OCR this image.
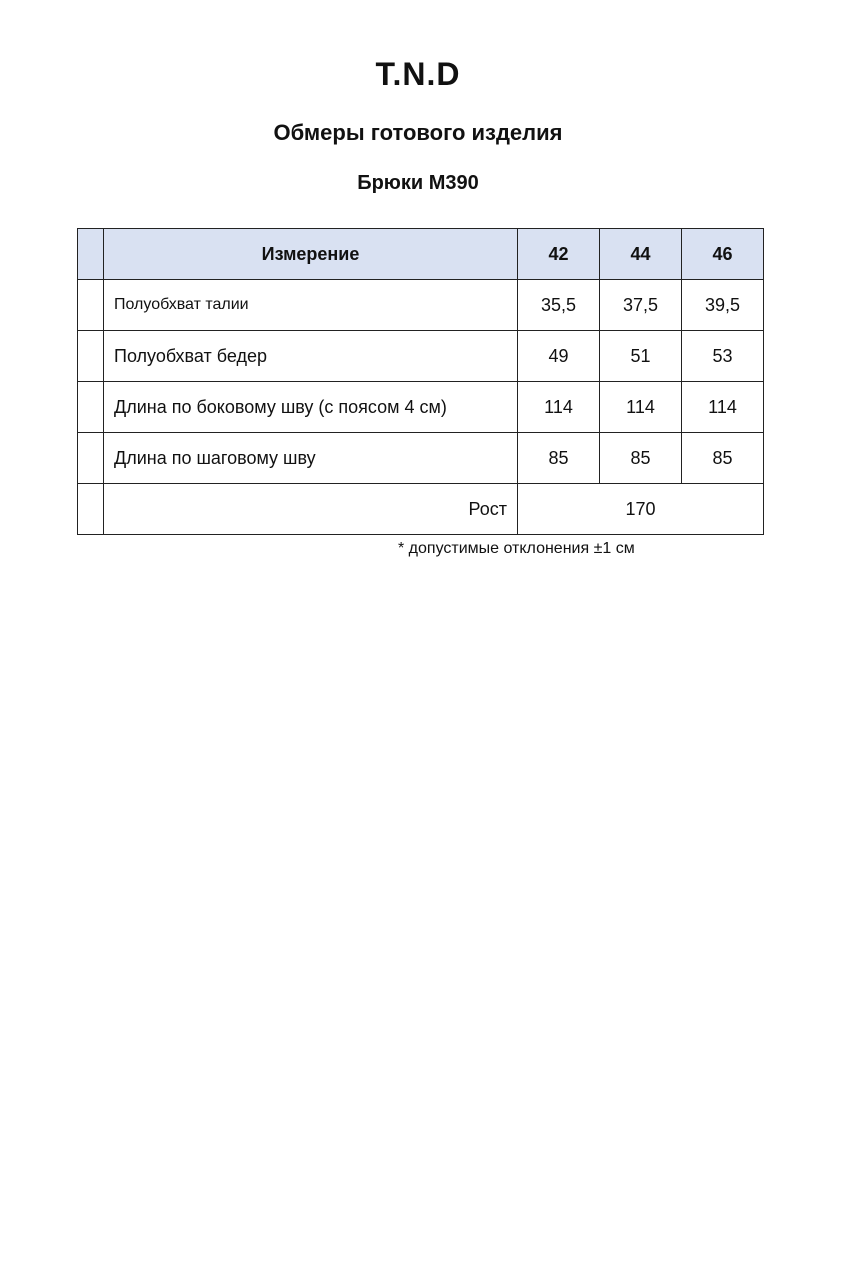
T.N.D
Обмеры готового изделия
Брюки М390
	Измерение	42	44	46
	Полуобхват талии	35,5	37,5	39,5
	Полуобхват бедер	49	51	53
	Длина по боковому шву (с поясом 4 см)	114	114	114
	Длина по шаговому шву	85	85	85
	Рост	170		
* допустимые отклонения ±1 см
